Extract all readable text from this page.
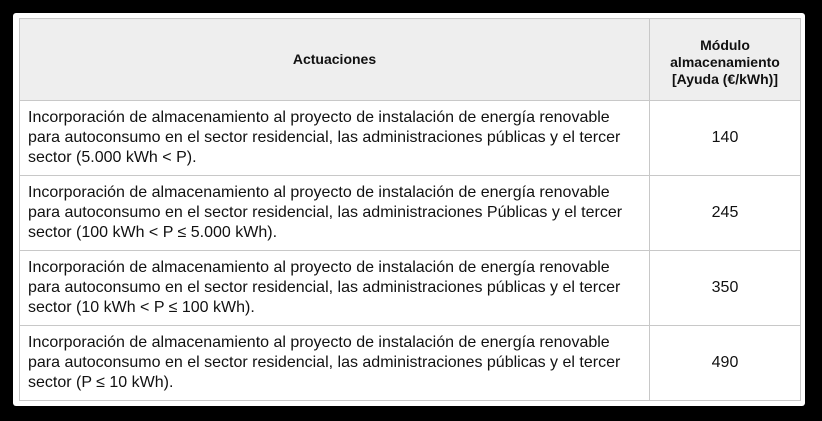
Actuaciones	Módulo
almacenamiento
[Ayuda (€/kWh)]
Incorporación de almacenamiento al proyecto de instalación de energía renovable para autoconsumo en el sector residencial, las administraciones públicas y el tercer sector (5.000 kWh < P).	140
Incorporación de almacenamiento al proyecto de instalación de energía renovable para autoconsumo en el sector residencial, las administraciones Públicas y el tercer sector (100 kWh < P ≤ 5.000 kWh).	245
Incorporación de almacenamiento al proyecto de instalación de energía renovable para autoconsumo en el sector residencial, las administraciones públicas y el tercer sector (10 kWh < P ≤ 100 kWh).	350
Incorporación de almacenamiento al proyecto de instalación de energía renovable para autoconsumo en el sector residencial, las administraciones públicas y el tercer sector (P ≤ 10 kWh).	490
